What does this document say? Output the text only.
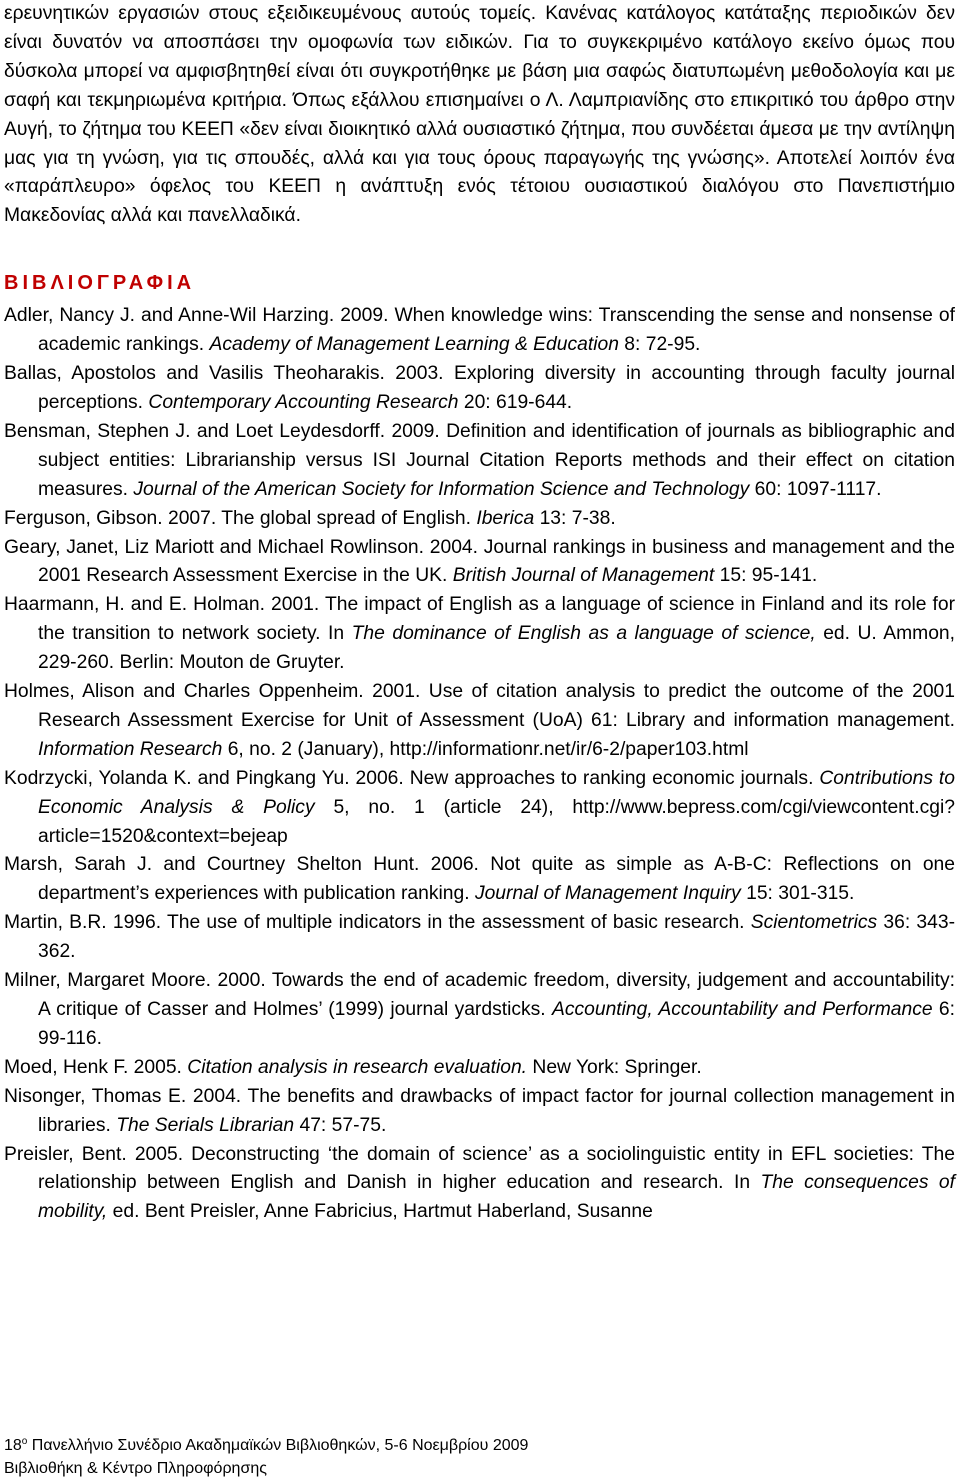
ερευνητικών εργασιών στους εξειδικευμένους αυτούς τομείς. Κανένας κατάλογος κατάταξης περιοδικών δεν είναι δυνατόν να αποσπάσει την ομοφωνία των ειδικών. Για το συγκεκριμένο κατάλογο εκείνο όμως που δύσκολα μπορεί να αμφισβητηθεί είναι ότι συγκροτήθηκε με βάση μια σαφώς διατυπωμένη μεθοδολογία και με σαφή και τεκμηριωμένα κριτήρια. Όπως εξάλλου επισημαίνει ο Λ. Λαμπριανίδης στο επικριτικό του άρθρο στην Αυγή, το ζήτημα του ΚΕΕΠ «δεν είναι διοικητικό αλλά ουσιαστικό ζήτημα, που συνδέεται άμεσα με την αντίληψη μας για τη γνώση, για τις σπουδές, αλλά και για τους όρους παραγωγής της γνώσης». Αποτελεί λοιπόν ένα «παράπλευρο» όφελος του ΚΕΕΠ η ανάπτυξη ενός τέτοιου ουσιαστικού διαλόγου στο Πανεπιστήμιο Μακεδονίας αλλά και πανελλαδικά.

ΒΙΒΛΙΟΓΡΑΦΙΑ
Adler, Nancy J. and Anne-Wil Harzing. 2009. When knowledge wins: Transcending the sense and nonsense of academic rankings. Academy of Management Learning & Education 8: 72-95.
Ballas, Apostolos and Vasilis Theoharakis. 2003. Exploring diversity in accounting through faculty journal perceptions. Contemporary Accounting Research 20: 619-644.
Bensman, Stephen J. and Loet Leydesdorff. 2009. Definition and identification of journals as bibliographic and subject entities: Librarianship versus ISI Journal Citation Reports methods and their effect on citation measures. Journal of the American Society for Information Science and Technology 60: 1097-1117.
Ferguson, Gibson. 2007. The global spread of English. Iberica 13: 7-38.
Geary, Janet, Liz Mariott and Michael Rowlinson. 2004. Journal rankings in business and management and the 2001 Research Assessment Exercise in the UK. British Journal of Management 15: 95-141.
Haarmann, H. and E. Holman. 2001. The impact of English as a language of science in Finland and its role for the transition to network society. In The dominance of English as a language of science, ed. U. Ammon, 229-260. Berlin: Mouton de Gruyter.
Holmes, Alison and Charles Oppenheim. 2001. Use of citation analysis to predict the outcome of the 2001 Research Assessment Exercise for Unit of Assessment (UoA) 61: Library and information management. Information Research 6, no. 2 (January), http://informationr.net/ir/6-2/paper103.html
Kodrzycki, Yolanda K. and Pingkang Yu. 2006. New approaches to ranking economic journals. Contributions to Economic Analysis & Policy 5, no. 1 (article 24), http://www.bepress.com/cgi/viewcontent.cgi?article=1520&context=bejeap
Marsh, Sarah J. and Courtney Shelton Hunt. 2006. Not quite as simple as A-B-C: Reflections on one department’s experiences with publication ranking. Journal of Management Inquiry 15: 301-315.
Martin, B.R. 1996. The use of multiple indicators in the assessment of basic research. Scientometrics 36: 343-362.
Milner, Margaret Moore. 2000. Towards the end of academic freedom, diversity, judgement and accountability: A critique of Casser and Holmes’ (1999) journal yardsticks. Accounting, Accountability and Performance 6: 99-116.
Moed, Henk F. 2005. Citation analysis in research evaluation. New York: Springer.
Nisonger, Thomas E. 2004. The benefits and drawbacks of impact factor for journal collection management in libraries. The Serials Librarian 47: 57-75.
Preisler, Bent. 2005. Deconstructing ‘the domain of science’ as a sociolinguistic entity in EFL societies: The relationship between English and Danish in higher education and research. In The consequences of mobility, ed. Bent Preisler, Anne Fabricius, Hartmut Haberland, Susanne
$18^o$ Πανελλήνιο Συνέδριο Ακαδημαϊκών Βιβλιοθηκών, 5-6 Νοεμβρίου 2009
Βιβλιοθήκη & Κέντρο Πληροφόρησης
